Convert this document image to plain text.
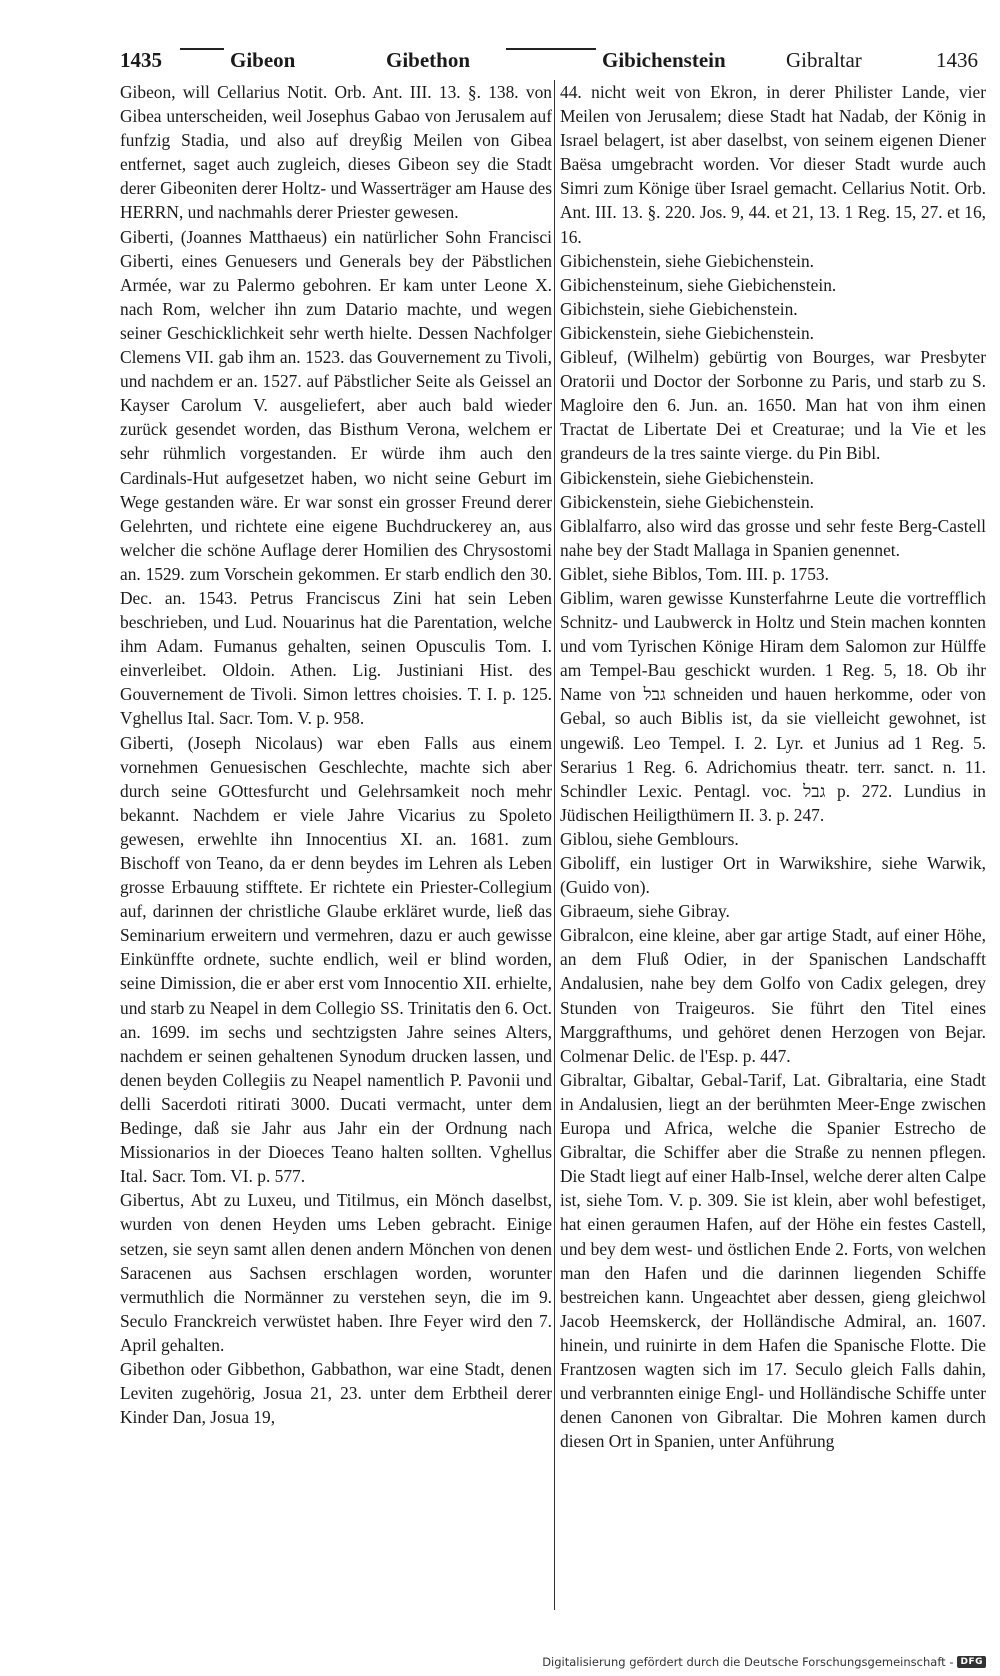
1435	Gibeon	Gibethon	Gibichenstein	Gibraltar	1436

Gibeon, will Cellarius Notit. Orb. Ant. III. 13. §. 138. von Gibea unterscheiden, weil Josephus Gabao von Jerusalem auf funfzig Stadia, und also auf dreyßig Meilen von Gibea entfernet, saget auch zugleich, dieses Gibeon sey die Stadt derer Gibeoniten derer Holtz- und Wasserträger am Hause des HERRN, und nachmahls derer Priester gewesen.

Giberti, (Joannes Matthaeus) ein natürlicher Sohn Francisci Giberti, eines Genuesers und Generals bey der Päbstlichen Armée, war zu Palermo gebohren. Er kam unter Leone X. nach Rom, welcher ihn zum Datario machte, und wegen seiner Geschicklichkeit sehr werth hielte. Dessen Nachfolger Clemens VII. gab ihm an. 1523. das Gouvernement zu Tivoli, und nachdem er an. 1527. auf Päbstlicher Seite als Geissel an Kayser Carolum V. ausgeliefert, aber auch bald wieder zurück gesendet worden, das Bisthum Verona, welchem er sehr rühmlich vorgestanden. Er würde ihm auch den Cardinals-Hut aufgesetzet haben, wo nicht seine Geburt im Wege gestanden wäre. Er war sonst ein grosser Freund derer Gelehrten, und richtete eine eigene Buchdruckerey an, aus welcher die schöne Auflage derer Homilien des Chrysostomi an. 1529. zum Vorschein gekommen. Er starb endlich den 30. Dec. an. 1543. Petrus Franciscus Zini hat sein Leben beschrieben, und Lud. Nouarinus hat die Parentation, welche ihm Adam. Fumanus gehalten, seinen Opusculis Tom. I. einverleibet. Oldoin. Athen. Lig. Justiniani Hist. des Gouvernement de Tivoli. Simon lettres choisies. T. I. p. 125. Vghellus Ital. Sacr. Tom. V. p. 958.

Giberti, (Joseph Nicolaus) war eben Falls aus einem vornehmen Genuesischen Geschlechte, machte sich aber durch seine GOttesfurcht und Gelehrsamkeit noch mehr bekannt. Nachdem er viele Jahre Vicarius zu Spoleto gewesen, erwehlte ihn Innocentius XI. an. 1681. zum Bischoff von Teano, da er denn beydes im Lehren als Leben grosse Erbauung stifftete. Er richtete ein Priester-Collegium auf, darinnen der christliche Glaube erkläret wurde, ließ das Seminarium erweitern und vermehren, dazu er auch gewisse Einkünffte ordnete, suchte endlich, weil er blind worden, seine Dimission, die er aber erst vom Innocentio XII. erhielte, und starb zu Neapel in dem Collegio SS. Trinitatis den 6. Oct. an. 1699. im sechs und sechtzigsten Jahre seines Alters, nachdem er seinen gehaltenen Synodum drucken lassen, und denen beyden Collegiis zu Neapel namentlich P. Pavonii und delli Sacerdoti ritirati 3000. Ducati vermacht, unter dem Bedinge, daß sie Jahr aus Jahr ein der Ordnung nach Missionarios in der Dioeces Teano halten sollten. Vghellus Ital. Sacr. Tom. VI. p. 577.

Gibertus, Abt zu Luxeu, und Titilmus, ein Mönch daselbst, wurden von denen Heyden ums Leben gebracht. Einige setzen, sie seyn samt allen denen andern Mönchen von denen Saracenen aus Sachsen erschlagen worden, worunter vermuthlich die Normänner zu verstehen seyn, die im 9. Seculo Franckreich verwüstet haben. Ihre Feyer wird den 7. April gehalten.

Gibethon oder Gibbethon, Gabbathon, war eine Stadt, denen Leviten zugehörig, Josua 21, 23. unter dem Erbtheil derer Kinder Dan, Josua 19,

44. nicht weit von Ekron, in derer Philister Lande, vier Meilen von Jerusalem; diese Stadt hat Nadab, der König in Israel belagert, ist aber daselbst, von seinem eigenen Diener Baësa umgebracht worden. Vor dieser Stadt wurde auch Simri zum Könige über Israel gemacht. Cellarius Notit. Orb. Ant. III. 13. §. 220. Jos. 9, 44. et 21, 13. 1 Reg. 15, 27. et 16, 16.

Gibichenstein, siehe Giebichenstein.

Gibichensteinum, siehe Giebichenstein.

Gibichstein, siehe Giebichenstein.

Gibickenstein, siehe Giebichenstein.

Gibleuf, (Wilhelm) gebürtig von Bourges, war Presbyter Oratorii und Doctor der Sorbonne zu Paris, und starb zu S. Magloire den 6. Jun. an. 1650. Man hat von ihm einen Tractat de Libertate Dei et Creaturae; und la Vie et les grandeurs de la tres sainte vierge. du Pin Bibl.

Gibickenstein, siehe Giebichenstein.

Gibickenstein, siehe Giebichenstein.

Giblalfarro, also wird das grosse und sehr feste Berg-Castell nahe bey der Stadt Mallaga in Spanien genennet.

Giblet, siehe Biblos, Tom. III. p. 1753.

Giblim, waren gewisse Kunsterfahrne Leute die vortrefflich Schnitz- und Laubwerck in Holtz und Stein machen konnten und vom Tyrischen Könige Hiram dem Salomon zur Hülffe am Tempel-Bau geschickt wurden. 1 Reg. 5, 18. Ob ihr Name von גבל schneiden und hauen herkomme, oder von Gebal, so auch Biblis ist, da sie vielleicht gewohnet, ist ungewiß. Leo Tempel. I. 2. Lyr. et Junius ad 1 Reg. 5. Serarius 1 Reg. 6. Adrichomius theatr. terr. sanct. n. 11. Schindler Lexic. Pentagl. voc. גבל p. 272. Lundius in Jüdischen Heiligthümern II. 3. p. 247.

Giblou, siehe Gemblours.

Giboliff, ein lustiger Ort in Warwikshire, siehe Warwik, (Guido von).

Gibraeum, siehe Gibray.

Gibralcon, eine kleine, aber gar artige Stadt, auf einer Höhe, an dem Fluß Odier, in der Spanischen Landschafft Andalusien, nahe bey dem Golfo von Cadix gelegen, drey Stunden von Traigeuros. Sie führt den Titel eines Marggrafthums, und gehöret denen Herzogen von Bejar. Colmenar Delic. de l'Esp. p. 447.

Gibraltar, Gibaltar, Gebal-Tarif, Lat. Gibraltaria, eine Stadt in Andalusien, liegt an der berühmten Meer-Enge zwischen Europa und Africa, welche die Spanier Estrecho de Gibraltar, die Schiffer aber die Straße zu nennen pflegen. Die Stadt liegt auf einer Halb-Insel, welche derer alten Calpe ist, siehe Tom. V. p. 309. Sie ist klein, aber wohl befestiget, hat einen geraumen Hafen, auf der Höhe ein festes Castell, und bey dem west- und östlichen Ende 2. Forts, von welchen man den Hafen und die darinnen liegenden Schiffe bestreichen kann. Ungeachtet aber dessen, gieng gleichwol Jacob Heemskerck, der Holländische Admiral, an. 1607. hinein, und ruinirte in dem Hafen die Spanische Flotte. Die Frantzosen wagten sich im 17. Seculo gleich Falls dahin, und verbrannten einige Engl- und Holländische Schiffe unter denen Canonen von Gibraltar. Die Mohren kamen durch diesen Ort in Spanien, unter Anführung

Digitalisierung gefördert durch die Deutsche Forschungsgemeinschaft - DFG
